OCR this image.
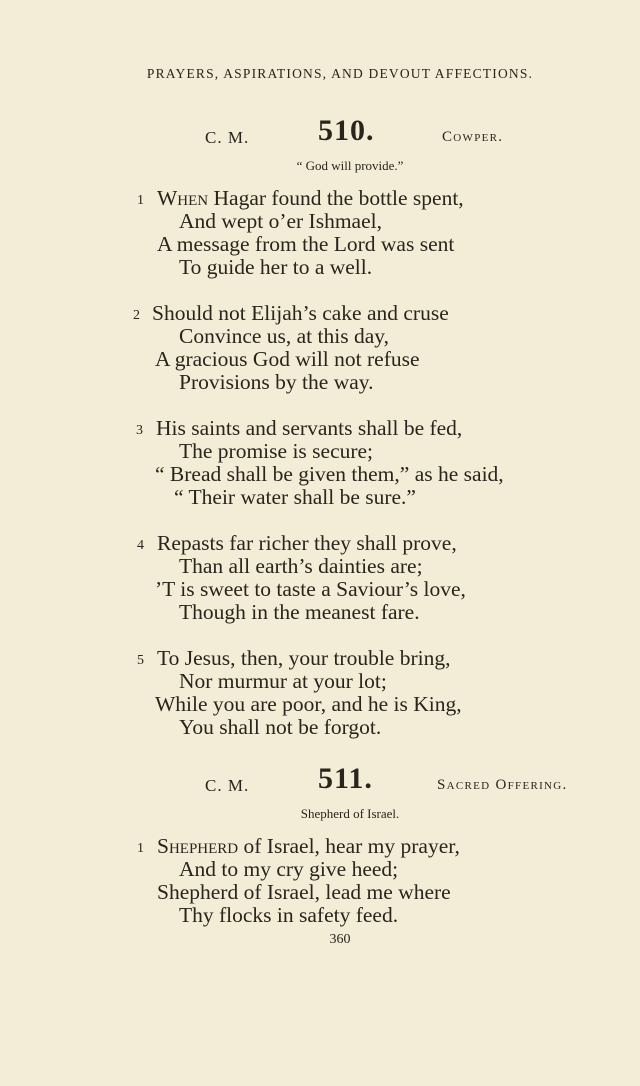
PRAYERS, ASPIRATIONS, AND DEVOUT AFFECTIONS.
C. M. 510.	Cowper.
“ God will provide.”
1 When Hagar found the bottle spent,
And wept o’er Ishmael,
A message from the Lord was sent
To guide her to a well.
2 Should not Elijah’s cake and cruse
Convince us, at this day,
A gracious God will not refuse
Provisions by the way.
3 His saints and servants shall be fed,
The promise is secure;
“ Bread shall be given them,” as he said,
“ Their water shall be sure.”
4 Repasts far richer they shall prove,
Than all earth’s dainties are;
’T is sweet to taste a Saviour’s love,
Though in the meanest fare.
5 To Jesus, then, your trouble bring,
Nor murmur at your lot;
While you are poor, and he is King,
You shall not be forgot.
C. M. 511.	Sacred Offering.
Shepherd of Israel.
1 Shepherd of Israel, hear my prayer,
And to my cry give heed;
Shepherd of Israel, lead me where
Thy flocks in safety feed.
360
